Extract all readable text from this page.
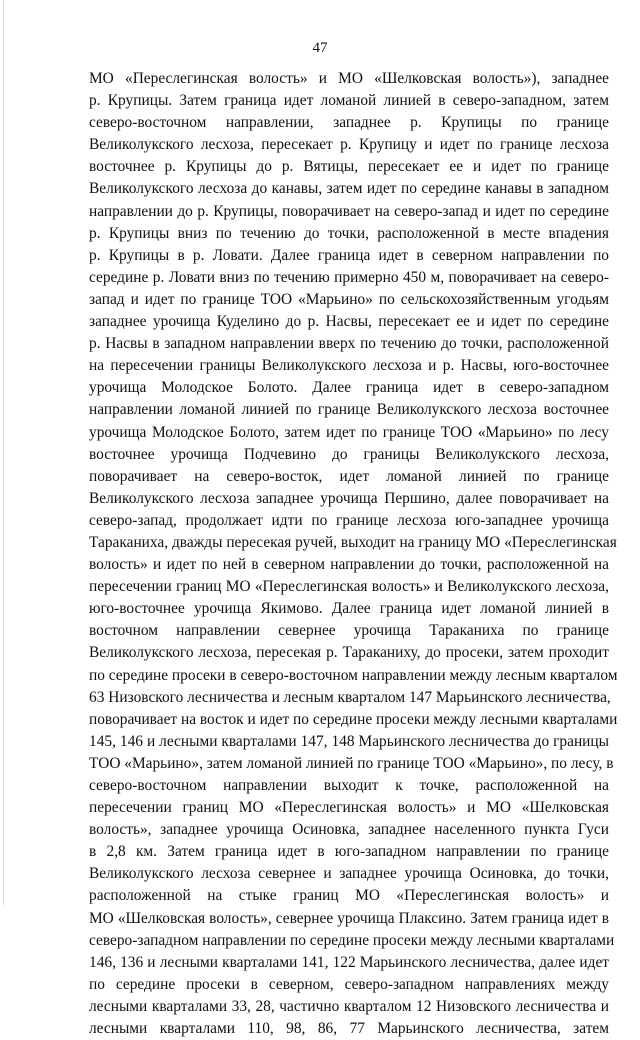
47
МО «Переслегинская волость» и МО «Шелковская волость»), западнее
р. Крупицы. Затем граница идет ломаной линией в северо-западном, затем
северо-восточном направлении, западнее р. Крупицы по границе
Великолукского лесхоза, пересекает р. Крупицу и идет по границе лесхоза
восточнее р. Крупицы до р. Вятицы, пересекает ее и идет по границе
Великолукского лесхоза до канавы, затем идет по середине канавы в западном
направлении до р. Крупицы, поворачивает на северо-запад и идет по середине
р. Крупицы вниз по течению до точки, расположенной в месте впадения
р. Крупицы в р. Ловати. Далее граница идет в северном направлении по
середине р. Ловати вниз по течению примерно 450 м, поворачивает на северо-
запад и идет по границе ТОО «Марьино» по сельскохозяйственным угодьям
западнее урочища Куделино до р. Насвы, пересекает ее и идет по середине
р. Насвы в западном направлении вверх по течению до точки, расположенной
на пересечении границы Великолукского лесхоза и р. Насвы, юго-восточнее
урочища Молодское Болото. Далее граница идет в северо-западном
направлении ломаной линией по границе Великолукского лесхоза восточнее
урочища Молодское Болото, затем идет по границе ТОО «Марьино» по лесу
восточнее урочища Подчевино до границы Великолукского лесхоза,
поворачивает на северо-восток, идет ломаной линией по границе
Великолукского лесхоза западнее урочища Першино, далее поворачивает на
северо-запад, продолжает идти по границе лесхоза юго-западнее урочища
Тараканиха, дважды пересекая ручей, выходит на границу МО «Переслегинская
волость» и идет по ней в северном направлении до точки, расположенной на
пересечении границ МО «Переслегинская волость» и Великолукского лесхоза,
юго-восточнее урочища Якимово. Далее граница идет ломаной линией в
восточном направлении севернее урочища Тараканиха по границе
Великолукского лесхоза, пересекая р. Тараканиху, до просеки, затем проходит
по середине просеки в северо-восточном направлении между лесным кварталом
63 Низовского лесничества и лесным кварталом 147 Марьинского лесничества,
поворачивает на восток и идет по середине просеки между лесными кварталами
145, 146 и лесными кварталами 147, 148 Марьинского лесничества до границы
ТОО «Марьино», затем ломаной линией по границе ТОО «Марьино», по лесу, в
северо-восточном направлении выходит к точке, расположенной на
пересечении границ МО «Переслегинская волость» и МО «Шелковская
волость», западнее урочища Осиновка, западнее населенного пункта Гуси
в 2,8 км. Затем граница идет в юго-западном направлении по границе
Великолукского лесхоза севернее и западнее урочища Осиновка, до точки,
расположенной на стыке границ МО «Переслегинская волость» и
МО «Шелковская волость», севернее урочища Плаксино. Затем граница идет в
северо-западном направлении по середине просеки между лесными кварталами
146, 136 и лесными кварталами 141, 122 Марьинского лесничества, далее идет
по середине просеки в северном, северо-западном направлениях между
лесными кварталами 33, 28, частично кварталом 12 Низовского лесничества и
лесными кварталами 110, 98, 86, 77 Марьинского лесничества, затем
